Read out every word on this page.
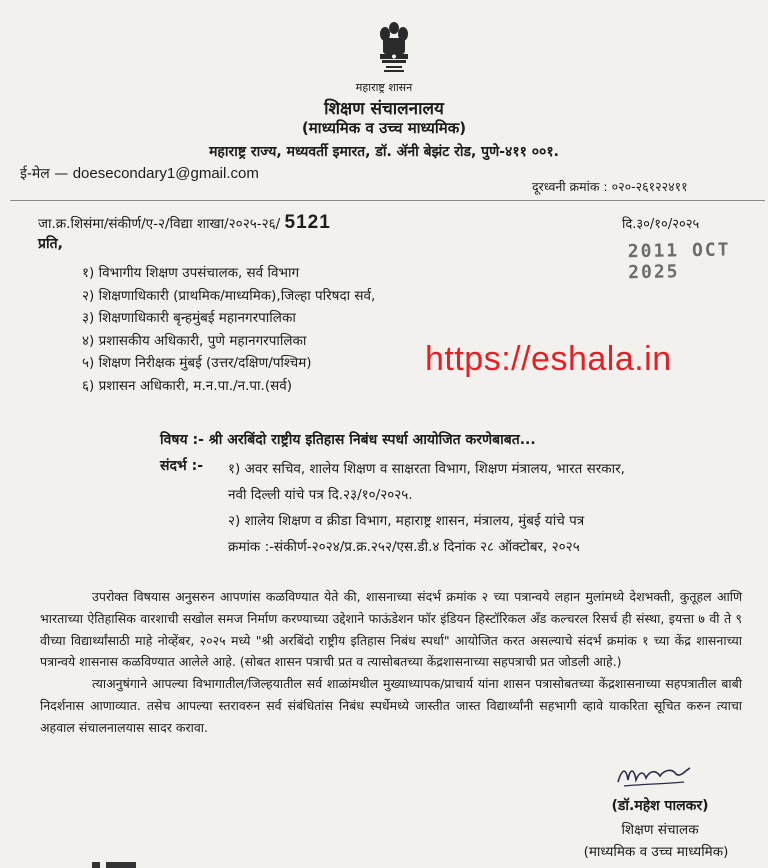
महाराष्ट्र शासन
शिक्षण संचालनालय
(माध्यमिक व उच्च माध्यमिक)
महाराष्ट्र राज्य, मध्यवर्ती इमारत, डॉ. ॲनी बेझंट रोड, पुणे-४११ ००१.
ई-मेल — doesecondary1@gmail.com
दूरध्वनी क्रमांक : ०२०-२६१२२४११
जा.क्र.शिसंमा/संकीर्ण/ए-२/विद्या शाखा/२०२५-२६/ 5121	दि.३०/१०/२०२५
2011 OCT 2025
प्रति,
१) विभागीय शिक्षण उपसंचालक, सर्व विभाग
२) शिक्षणाधिकारी (प्राथमिक/माध्यमिक),जिल्हा परिषदा सर्व,
३) शिक्षणाधिकारी बृन्हमुंबई महानगरपालिका
४) प्रशासकीय अधिकारी, पुणे महानगरपालिका
५) शिक्षण निरीक्षक मुंबई (उत्तर/दक्षिण/पश्चिम)
६) प्रशासन अधिकारी, म.न.पा./न.पा.(सर्व)
https://eshala.in
विषय :- श्री अरबिंदो राष्ट्रीय इतिहास निबंध स्पर्धा आयोजित करणेबाबत...
संदर्भ :- १) अवर सचिव, शालेय शिक्षण व साक्षरता विभाग, शिक्षण मंत्रालय, भारत सरकार,
नवी दिल्ली यांचे पत्र दि.२३/१०/२०२५.
२) शालेय शिक्षण व क्रीडा विभाग, महाराष्ट्र शासन, मंत्रालय, मुंबई यांचे पत्र
क्रमांक :-संकीर्ण-२०२४/प्र.क्र.२५२/एस.डी.४ दिनांक २८ ऑक्टोबर, २०२५

उपरोक्त विषयास अनुसरुन आपणांस कळविण्यात येते की, शासनाच्या संदर्भ क्रमांक २ च्या पत्रान्वये लहान मुलांमध्ये देशभक्ती, कुतूहल आणि भारताच्या ऐतिहासिक वारशाची सखोल समज निर्माण करण्याच्या उद्देशाने फाऊंडेशन फॉर इंडियन हिस्टॉरिकल अँड कल्चरल रिसर्च ही संस्था, इयत्ता ७ वी ते ९ वीच्या विद्यार्थ्यांसाठी माहे नोव्हेंबर, २०२५ मध्ये "श्री अरबिंदो राष्ट्रीय इतिहास निबंध स्पर्धा" आयोजित करत असल्याचे संदर्भ क्रमांक १ च्या केंद्र शासनाच्या पत्रान्वये शासनास कळविण्यात आलेले आहे. (सोबत शासन पत्राची प्रत व त्यासोबतच्या केंद्रशासनाच्या सहपत्राची प्रत जोडली आहे.)

त्याअनुषंगाने आपल्या विभागातील/जिल्हयातील सर्व शाळांमधील मुख्याध्यापक/प्राचार्य यांना शासन पत्रासोबतच्या केंद्रशासनाच्या सहपत्रातील बाबी निदर्शनास आणाव्यात. तसेच आपल्या स्तरावरुन सर्व संबंधितांस निबंध स्पर्धेमध्ये जास्तीत जास्त विद्यार्थ्यांनी सहभागी व्हावे याकरिता सूचित करुन त्याचा अहवाल संचालनालयास सादर करावा.

(डॉ.महेश पालकर)
शिक्षण संचालक
(माध्यमिक व उच्च माध्यमिक)
